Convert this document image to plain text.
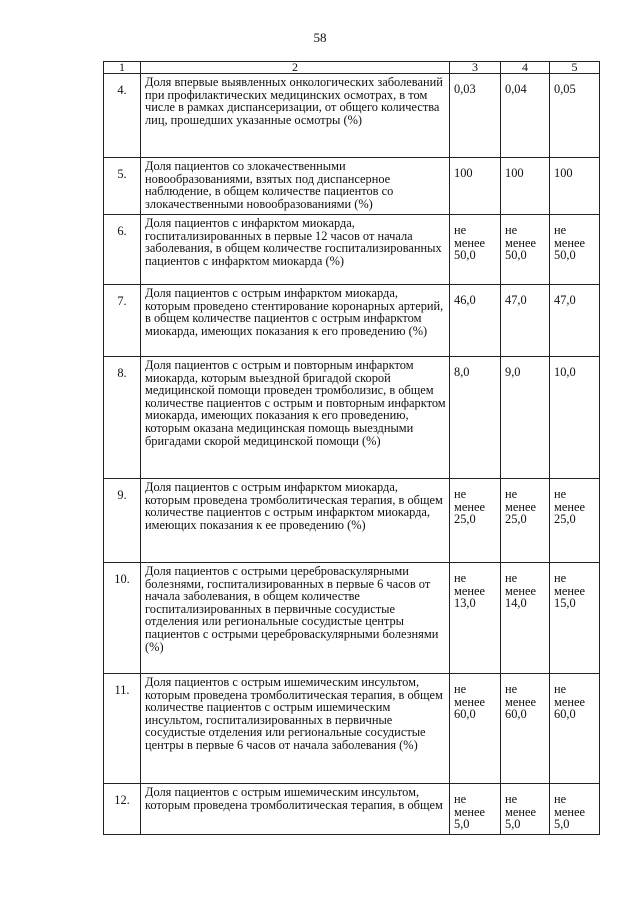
58
1	2	3	4	5
4.	Доля впервые выявленных онкологических заболеваний при профилактических медицинских осмотрах, в том числе в рамках диспансеризации, от общего количества лиц, прошедших указанные осмотры (%)	0,03	0,04	0,05
5.	Доля пациентов со злокачественными новообразованиями, взятых под диспансерное наблюдение, в общем количестве пациентов со злокачественными новообразованиями (%)	100	100	100
6.	Доля пациентов с инфарктом миокарда, госпитализированных в первые 12 часов от начала заболевания, в общем количестве госпитализированных пациентов с инфарктом миокарда (%)	не менее 50,0	не менее 50,0	не менее 50,0
7.	Доля пациентов с острым инфарктом миокарда, которым проведено стентирование коронарных артерий, в общем количестве пациентов с острым инфарктом миокарда, имеющих показания к его проведению (%)	46,0	47,0	47,0
8.	Доля пациентов с острым и повторным инфарктом миокарда, которым выездной бригадой скорой медицинской помощи проведен тромболизис, в общем количестве пациентов с острым и повторным инфарктом миокарда, имеющих показания к его проведению, которым оказана медицинская помощь выездными бригадами скорой медицинской помощи (%)	8,0	9,0	10,0
9.	Доля пациентов с острым инфарктом миокарда, которым проведена тромболитическая терапия, в общем количестве пациентов с острым инфарктом миокарда, имеющих показания к ее проведению (%)	не менее 25,0	не менее 25,0	не менее 25,0
10.	Доля пациентов с острыми цереброваскулярными болезнями, госпитализированных в первые 6 часов от начала заболевания, в общем количестве госпитализированных в первичные сосудистые отделения или региональные сосудистые центры пациентов с острыми цереброваскулярными болезнями (%)	не менее 13,0	не менее 14,0	не менее 15,0
11.	Доля пациентов с острым ишемическим инсультом, которым проведена тромболитическая терапия, в общем количестве пациентов с острым ишемическим инсультом, госпитализированных в первичные сосудистые отделения или региональные сосудистые центры в первые 6 часов от начала заболевания (%)	не менее 60,0	не менее 60,0	не менее 60,0
12.	Доля пациентов с острым ишемическим инсультом, которым проведена тромболитическая терапия, в общем	не менее 5,0	не менее 5,0	не менее 5,0
